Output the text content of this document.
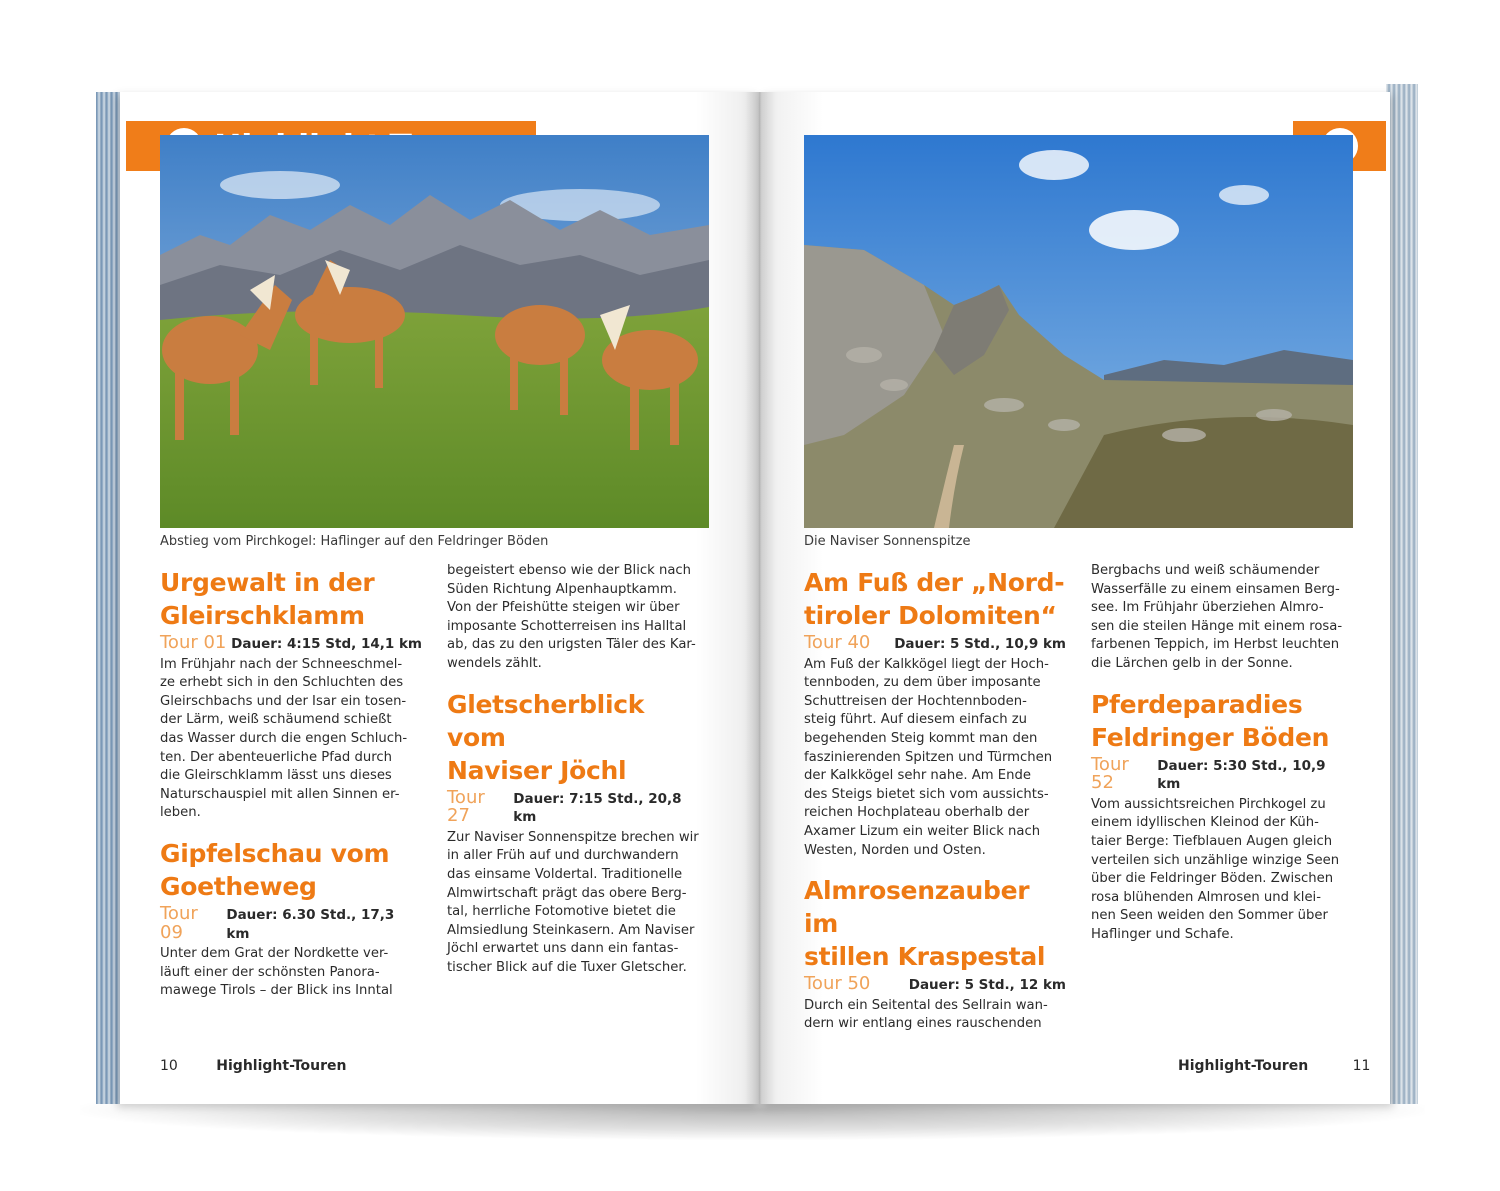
Abstieg vom Pirchkogel: Haflinger auf den Feldringer Böden	Die Naviser Sonnenspitze
Urgewalt in der
Gleirschklamm
Tour 01 Dauer: 4:15 Std, 14,1 km

Im Frühjahr nach der Schneeschmel-
ze erhebt sich in den Schluchten des
Gleirschbachs und der Isar ein tosen-
der Lärm, weiß schäumend schießt
das Wasser durch die engen Schluch-
ten. Der abenteuerliche Pfad durch
die Gleirschklamm lässt uns dieses
Naturschauspiel mit allen Sinnen er-
leben.

Gipfelschau vom
Goetheweg
Tour 09
Dauer: 6.30 Std., 17,3 km

Unter dem Grat der Nordkette ver-
läuft einer der schönsten Panora-
mawege Tirols – der Blick ins Inntal

begeistert ebenso wie der Blick nach
Süden Richtung Alpenhauptkamm.
Von der Pfeishütte steigen wir über
imposante Schotterreisen ins Halltal
ab, das zu den urigsten Täler des Kar-
wendels zählt.

Gletscherblick vom
Naviser Jöchl
Tour 27
Dauer: 7:15 Std., 20,8 km

Zur Naviser Sonnenspitze brechen wir
in aller Früh auf und durchwandern
das einsame Voldertal. Traditionelle
Almwirtschaft prägt das obere Berg-
tal, herrliche Fotomotive bietet die
Almsiedlung Steinkasern. Am Naviser
Jöchl erwartet uns dann ein fantas-
tischer Blick auf die Tuxer Gletscher.

Am Fuß der „Nord-
tiroler Dolomiten“
Tour 40 Dauer: 5 Std., 10,9 km

Am Fuß der Kalkkögel liegt der Hoch-
tennboden, zu dem über imposante
Schuttreisen der Hochtennboden-
steig führt. Auf diesem einfach zu
begehenden Steig kommt man den
faszinierenden Spitzen und Türmchen
der Kalkkögel sehr nahe. Am Ende
des Steigs bietet sich vom aussichts-
reichen Hochplateau oberhalb der
Axamer Lizum ein weiter Blick nach
Westen, Norden und Osten.

Almrosenzauber im
stillen Kraspestal
Tour 50	Dauer: 5 Std., 12 km

Durch ein Seitental des Sellrain wan-
dern wir entlang eines rauschenden

Bergbachs und weiß schäumender
Wasserfälle zu einem einsamen Berg-
see. Im Frühjahr überziehen Almro-
sen die steilen Hänge mit einem rosa-
farbenen Teppich, im Herbst leuchten
die Lärchen gelb in der Sonne.

Pferdeparadies
Feldringer Böden
Tour 52
Dauer: 5:30 Std., 10,9 km

Vom aussichtsreichen Pirchkogel zu
einem idyllischen Kleinod der Küh-
taier Berge: Tiefblauen Augen gleich
verteilen sich unzählige winzige Seen
über die Feldringer Böden. Zwischen
rosa blühenden Almrosen und klei-
nen Seen weiden den Sommer über
Haflinger und Schafe.

10	Highlight-Touren	Highlight-Touren	11
